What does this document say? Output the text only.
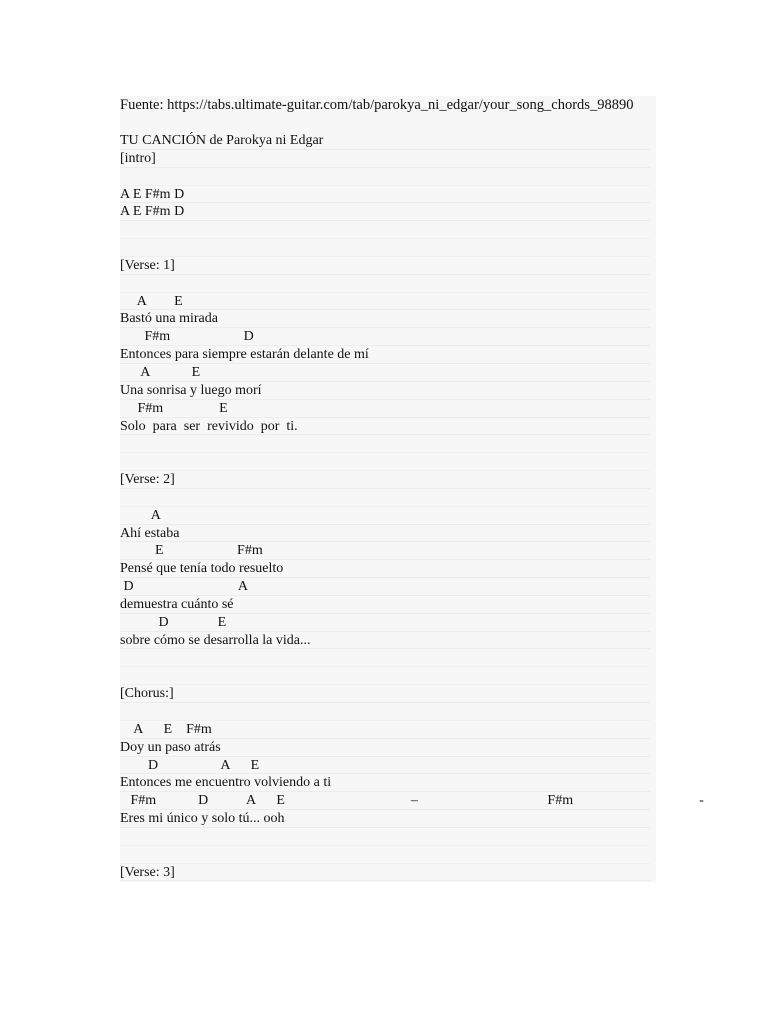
Fuente: https://tabs.ultimate-guitar.com/tab/parokya_ni_edgar/your_song_chords_98890
TU CANCIÓN de Parokya ni Edgar
[intro]
A E F#m D
A E F#m D
[Verse: 1]
A        E
Bastó una mirada
F#m                     D
Entonces para siempre estarán delante de mí
A            E
Una sonrisa y luego morí
F#m                E
Solo  para  ser  revivido  por  ti.
[Verse: 2]
A
Ahí estaba
E                     F#m
Pensé que tenía todo resuelto
D                              A
demuestra cuánto sé
D              E
sobre cómo se desarrolla la vida...
[Chorus:]
A      E    F#m
Doy un paso atrás
D                  A      E
Entonces me encuentro volviendo a ti
F#m            D           A      E                                    –                                     F#m                                    -
Eres mi único y solo tú... ooh
[Verse: 3]
